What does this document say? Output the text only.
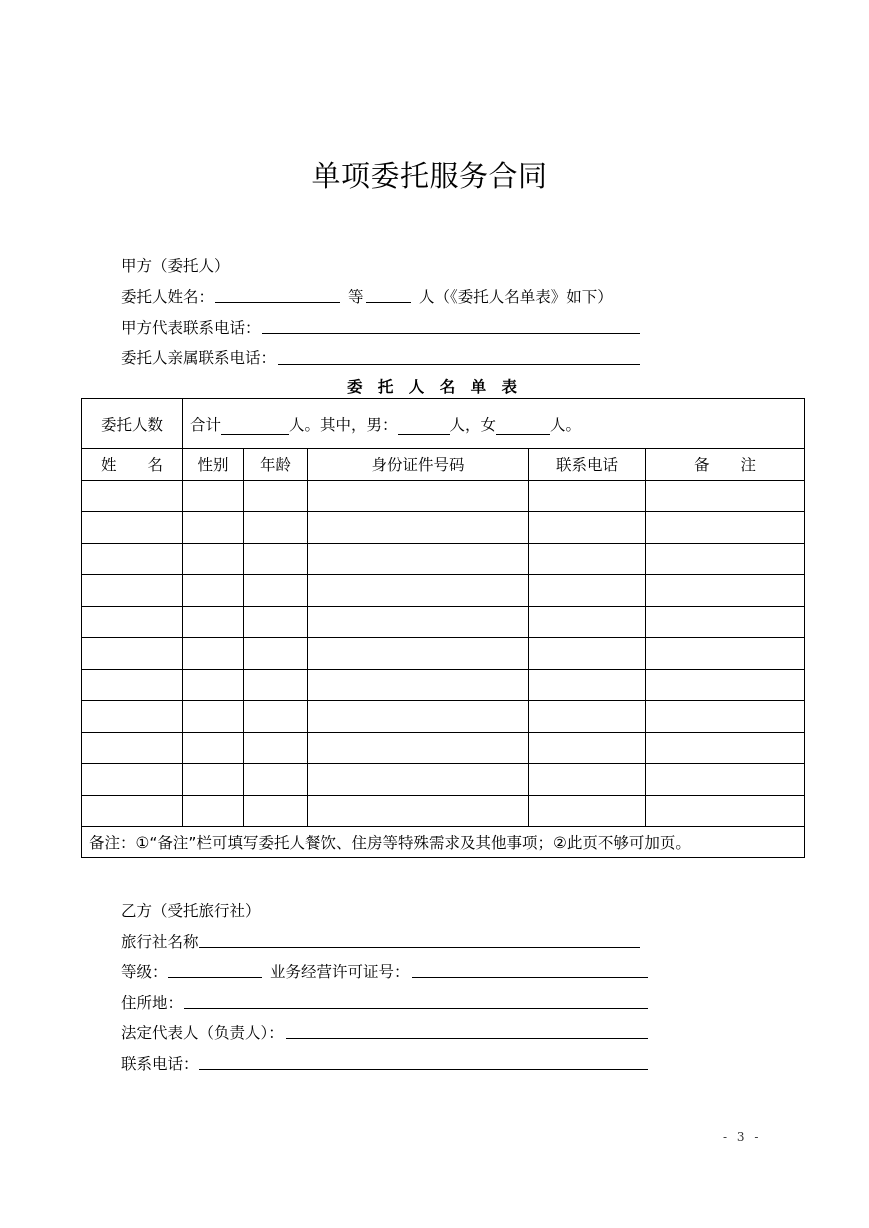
单项委托服务合同
甲方（委托人）
委托人姓名：	等	人（《委托人名单表》如下）
甲方代表联系电话：
委托人亲属联系电话：
委 托 人 名 单 表
委托人数	合计 人。其中，男： 人，女 人。				
姓　　名	性别	年龄	身份证件号码	联系电话	备　　注

备注：①“备注”栏可填写委托人餐饮、住房等特殊需求及其他事项；②此页不够可加页。					
乙方（受托旅行社）
旅行社名称
等级：	业务经营许可证号：
住所地：
法定代表人（负责人）：
联系电话：
- 3 -
